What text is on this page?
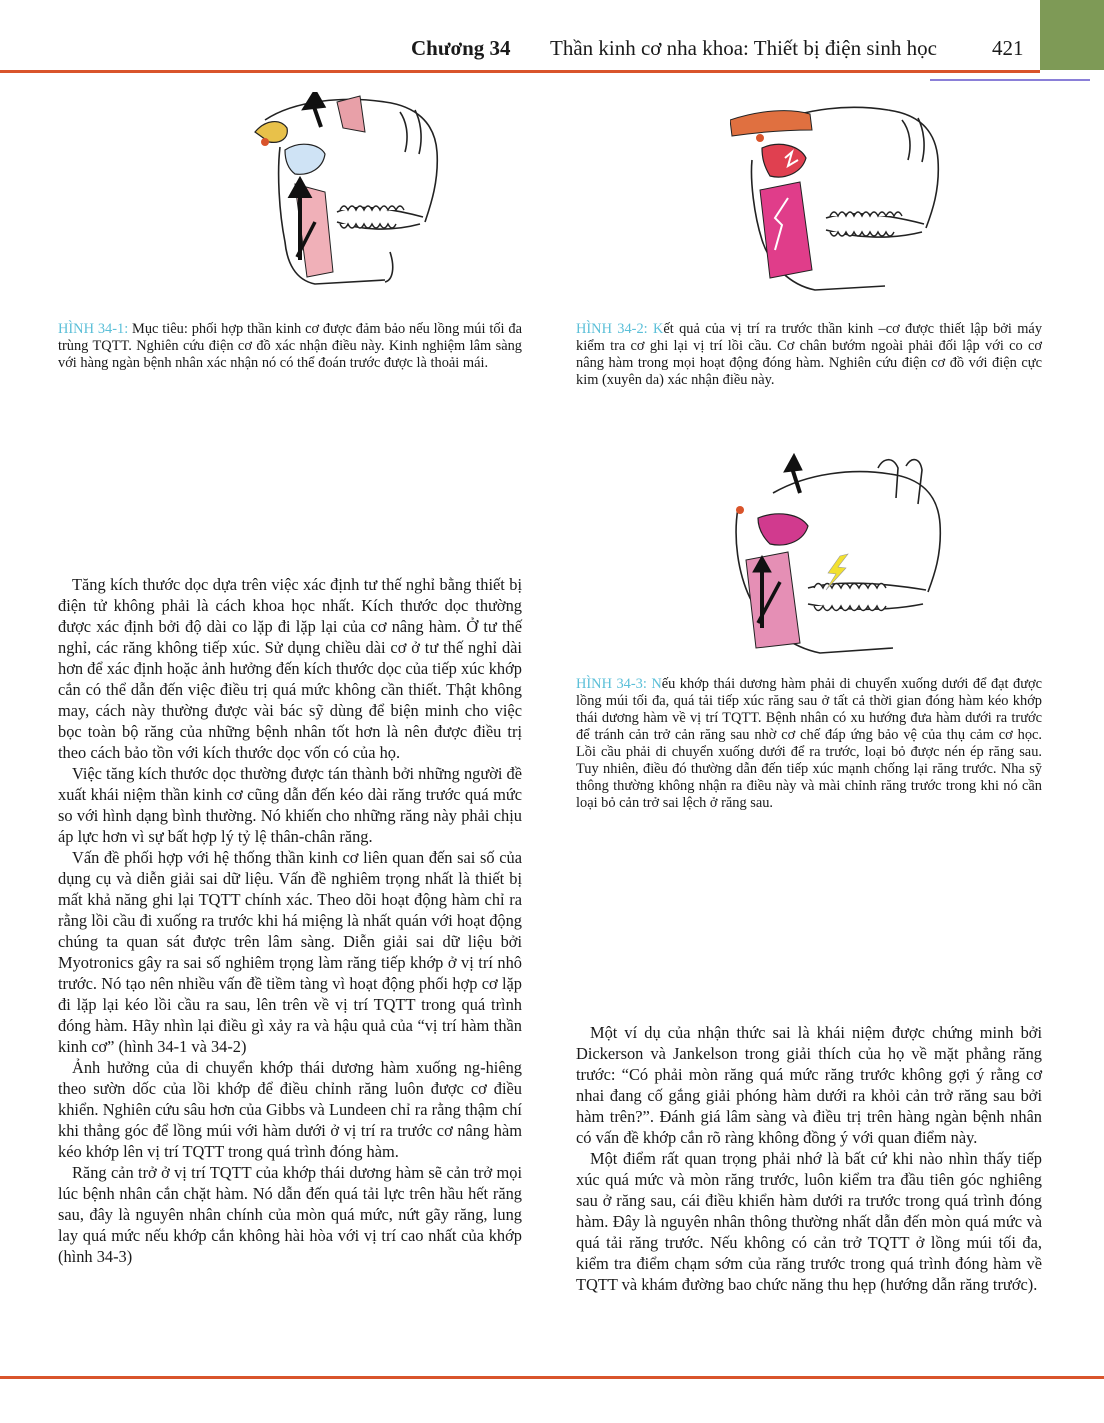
Chương 34 Thần kinh cơ nha khoa: Thiết bị điện sinh học	421
HÌNH 34-1: Mục tiêu: phối hợp thần kinh cơ được đảm bảo nếu lồng múi tối đa trùng TQTT. Nghiên cứu điện cơ đồ xác nhận điều này. Kinh nghiệm lâm sàng với hàng ngàn bệnh nhân xác nhận nó có thể đoán trước được là thoải mái.
HÌNH 34-2: Kết quả của vị trí ra trước thần kinh –cơ được thiết lập bởi máy kiểm tra cơ ghi lại vị trí lồi cầu. Cơ chân bướm ngoài phải đối lập với co cơ nâng hàm trong mọi hoạt động đóng hàm. Nghiên cứu điện cơ đồ với điện cực kim (xuyên da) xác nhận điều này.
HÌNH 34-3: Nếu khớp thái dương hàm phải di chuyển xuống dưới để đạt được lồng múi tối đa, quá tải tiếp xúc răng sau ở tất cả thời gian đóng hàm kéo khớp thái dương hàm về vị trí TQTT. Bệnh nhân có xu hướng đưa hàm dưới ra trước để tránh cản trở cản răng sau nhờ cơ chế đáp ứng bảo vệ của thụ cảm cơ học. Lồi cầu phải di chuyển xuống dưới để ra trước, loại bỏ được nén ép răng sau. Tuy nhiên, điều đó thường dẫn đến tiếp xúc mạnh chống lại răng trước. Nha sỹ thông thường không nhận ra điều này và mài chỉnh răng trước trong khi nó cần loại bỏ cản trở sai lệch ở răng sau.

Tăng kích thước dọc dựa trên việc xác định tư thế nghỉ bằng thiết bị điện tử không phải là cách khoa học nhất. Kích thước dọc thường được xác định bởi độ dài co lặp đi lặp lại của cơ nâng hàm. Ở tư thế nghỉ, các răng không tiếp xúc. Sử dụng chiều dài cơ ở tư thế nghỉ dài hơn để xác định hoặc ảnh hưởng đến kích thước dọc của tiếp xúc khớp cắn có thể dẫn đến việc điều trị quá mức không cần thiết. Thật không may, cách này thường được vài bác sỹ dùng để biện minh cho việc bọc toàn bộ răng của những bệnh nhân tốt hơn là nên được điều trị theo cách bảo tồn với kích thước dọc vốn có của họ.

Việc tăng kích thước dọc thường được tán thành bởi những người đề xuất khái niệm thần kinh cơ cũng dẫn đến kéo dài răng trước quá mức so với hình dạng bình thường. Nó khiến cho những răng này phải chịu áp lực hơn vì sự bất hợp lý tỷ lệ thân-chân răng.

Vấn đề phối hợp với hệ thống thần kinh cơ liên quan đến sai số của dụng cụ và diễn giải sai dữ liệu. Vấn đề nghiêm trọng nhất là thiết bị mất khả năng ghi lại TQTT chính xác. Theo dõi hoạt động hàm chỉ ra rằng lồi cầu đi xuống ra trước khi há miệng là nhất quán với hoạt động chúng ta quan sát được trên lâm sàng. Diễn giải sai dữ liệu bởi Myotronics gây ra sai số nghiêm trọng làm răng tiếp khớp ở vị trí nhô trước. Nó tạo nên nhiều vấn đề tiềm tàng vì hoạt động phối hợp cơ lặp đi lặp lại kéo lồi cầu ra sau, lên trên về vị trí TQTT trong quá trình đóng hàm. Hãy nhìn lại điều gì xảy ra và hậu quả của “vị trí hàm thần kinh cơ” (hình 34-1 và 34-2)

Ảnh hưởng của di chuyển khớp thái dương hàm xuống ng-hiêng theo sườn dốc của lồi khớp để điều chỉnh răng luôn được cơ điều khiển. Nghiên cứu sâu hơn của Gibbs và Lundeen chỉ ra rằng thậm chí khi thẳng góc để lồng múi với hàm dưới ở vị trí ra trước cơ nâng hàm kéo khớp lên vị trí TQTT trong quá trình đóng hàm.

Răng cản trở ở vị trí TQTT của khớp thái dương hàm sẽ cản trở mọi lúc bệnh nhân cắn chặt hàm. Nó dẫn đến quá tải lực trên hầu hết răng sau, đây là nguyên nhân chính của mòn quá mức, nứt gãy răng, lung lay quá mức nếu khớp cắn không hài hòa với vị trí cao nhất của khớp (hình 34-3)

Một ví dụ của nhận thức sai là khái niệm được chứng minh bởi Dickerson và Jankelson trong giải thích của họ về mặt phẳng răng trước: “Có phải mòn răng quá mức răng trước không gợi ý rằng cơ nhai đang cố gắng giải phóng hàm dưới ra khỏi cản trở răng sau bởi hàm trên?”. Đánh giá lâm sàng và điều trị trên hàng ngàn bệnh nhân có vấn đề khớp cắn rõ ràng không đồng ý với quan điểm này.

Một điểm rất quan trọng phải nhớ là bất cứ khi nào nhìn thấy tiếp xúc quá mức và mòn răng trước, luôn kiểm tra đầu tiên góc nghiêng sau ở răng sau, cái điều khiển hàm dưới ra trước trong quá trình đóng hàm. Đây là nguyên nhân thông thường nhất dẫn đến mòn quá mức và quá tải răng trước. Nếu không có cản trở TQTT ở lồng múi tối đa, kiểm tra điểm chạm sớm của răng trước trong quá trình đóng hàm về TQTT và khám đường bao chức năng thu hẹp (hướng dẫn răng trước).
